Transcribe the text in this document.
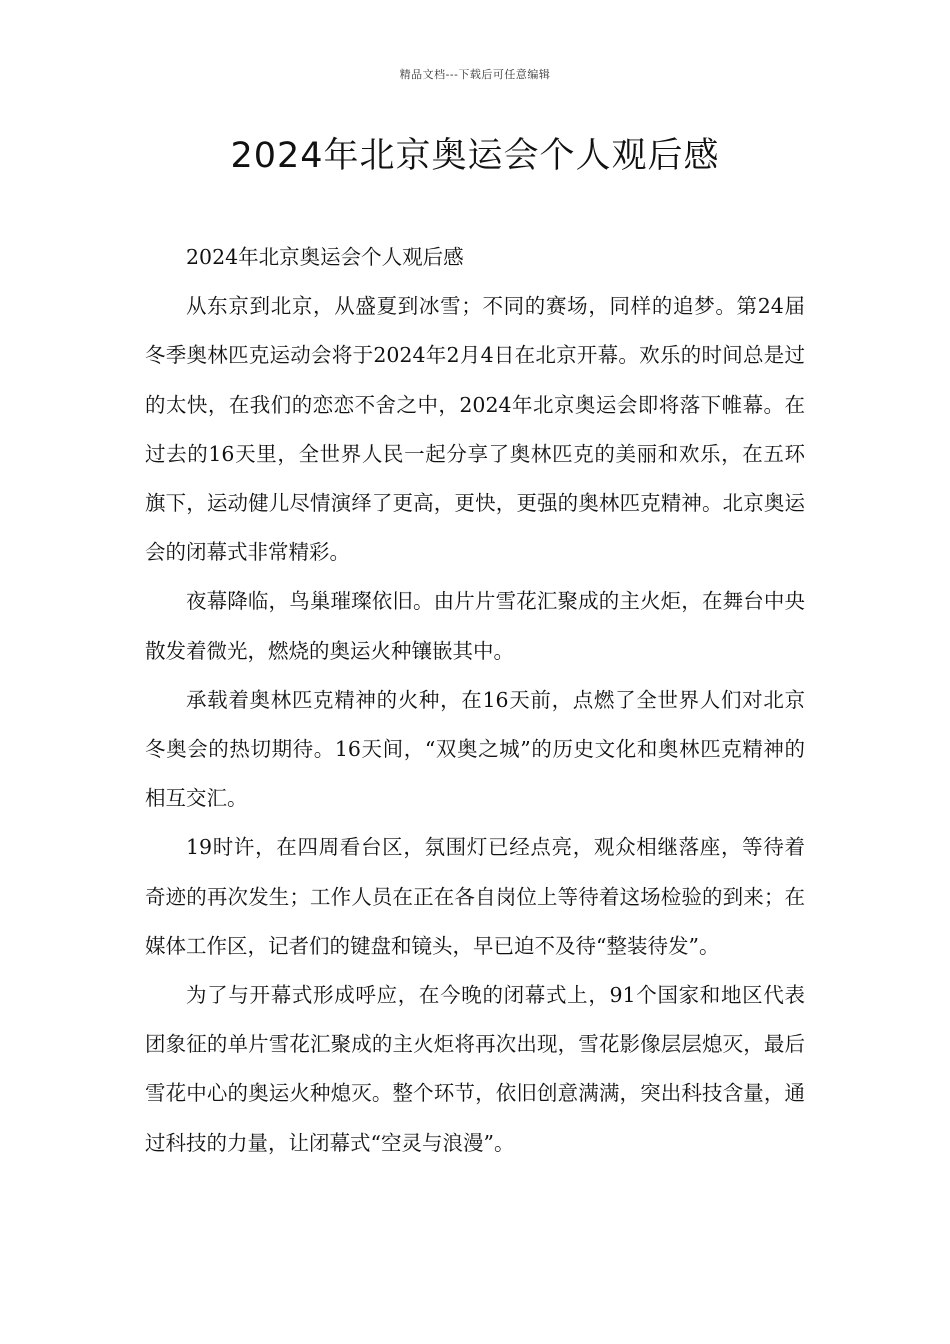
精品文档---下载后可任意编辑
2024年北京奥运会个人观后感

2024年北京奥运会个人观后感

从东京到北京，从盛夏到冰雪；不同的赛场，同样的追梦。第24届冬季奥林匹克运动会将于2024年2月4日在北京开幕。欢乐的时间总是过的太快，在我们的恋恋不舍之中，2024年北京奥运会即将落下帷幕。在过去的16天里，全世界人民一起分享了奥林匹克的美丽和欢乐，在五环旗下，运动健儿尽情演绎了更高，更快，更强的奥林匹克精神。北京奥运会的闭幕式非常精彩。

夜幕降临，鸟巢璀璨依旧。由片片雪花汇聚成的主火炬，在舞台中央散发着微光，燃烧的奥运火种镶嵌其中。

承载着奥林匹克精神的火种，在16天前，点燃了全世界人们对北京冬奥会的热切期待。16天间，“双奥之城”的历史文化和奥林匹克精神的相互交汇。

19时许，在四周看台区，氛围灯已经点亮，观众相继落座，等待着奇迹的再次发生；工作人员在正在各自岗位上等待着这场检验的到来；在媒体工作区，记者们的键盘和镜头，早已迫不及待“整装待发”。

为了与开幕式形成呼应，在今晚的闭幕式上，91个国家和地区代表团象征的单片雪花汇聚成的主火炬将再次出现，雪花影像层层熄灭，最后雪花中心的奥运火种熄灭。整个环节，依旧创意满满，突出科技含量，通过科技的力量，让闭幕式“空灵与浪漫”。
